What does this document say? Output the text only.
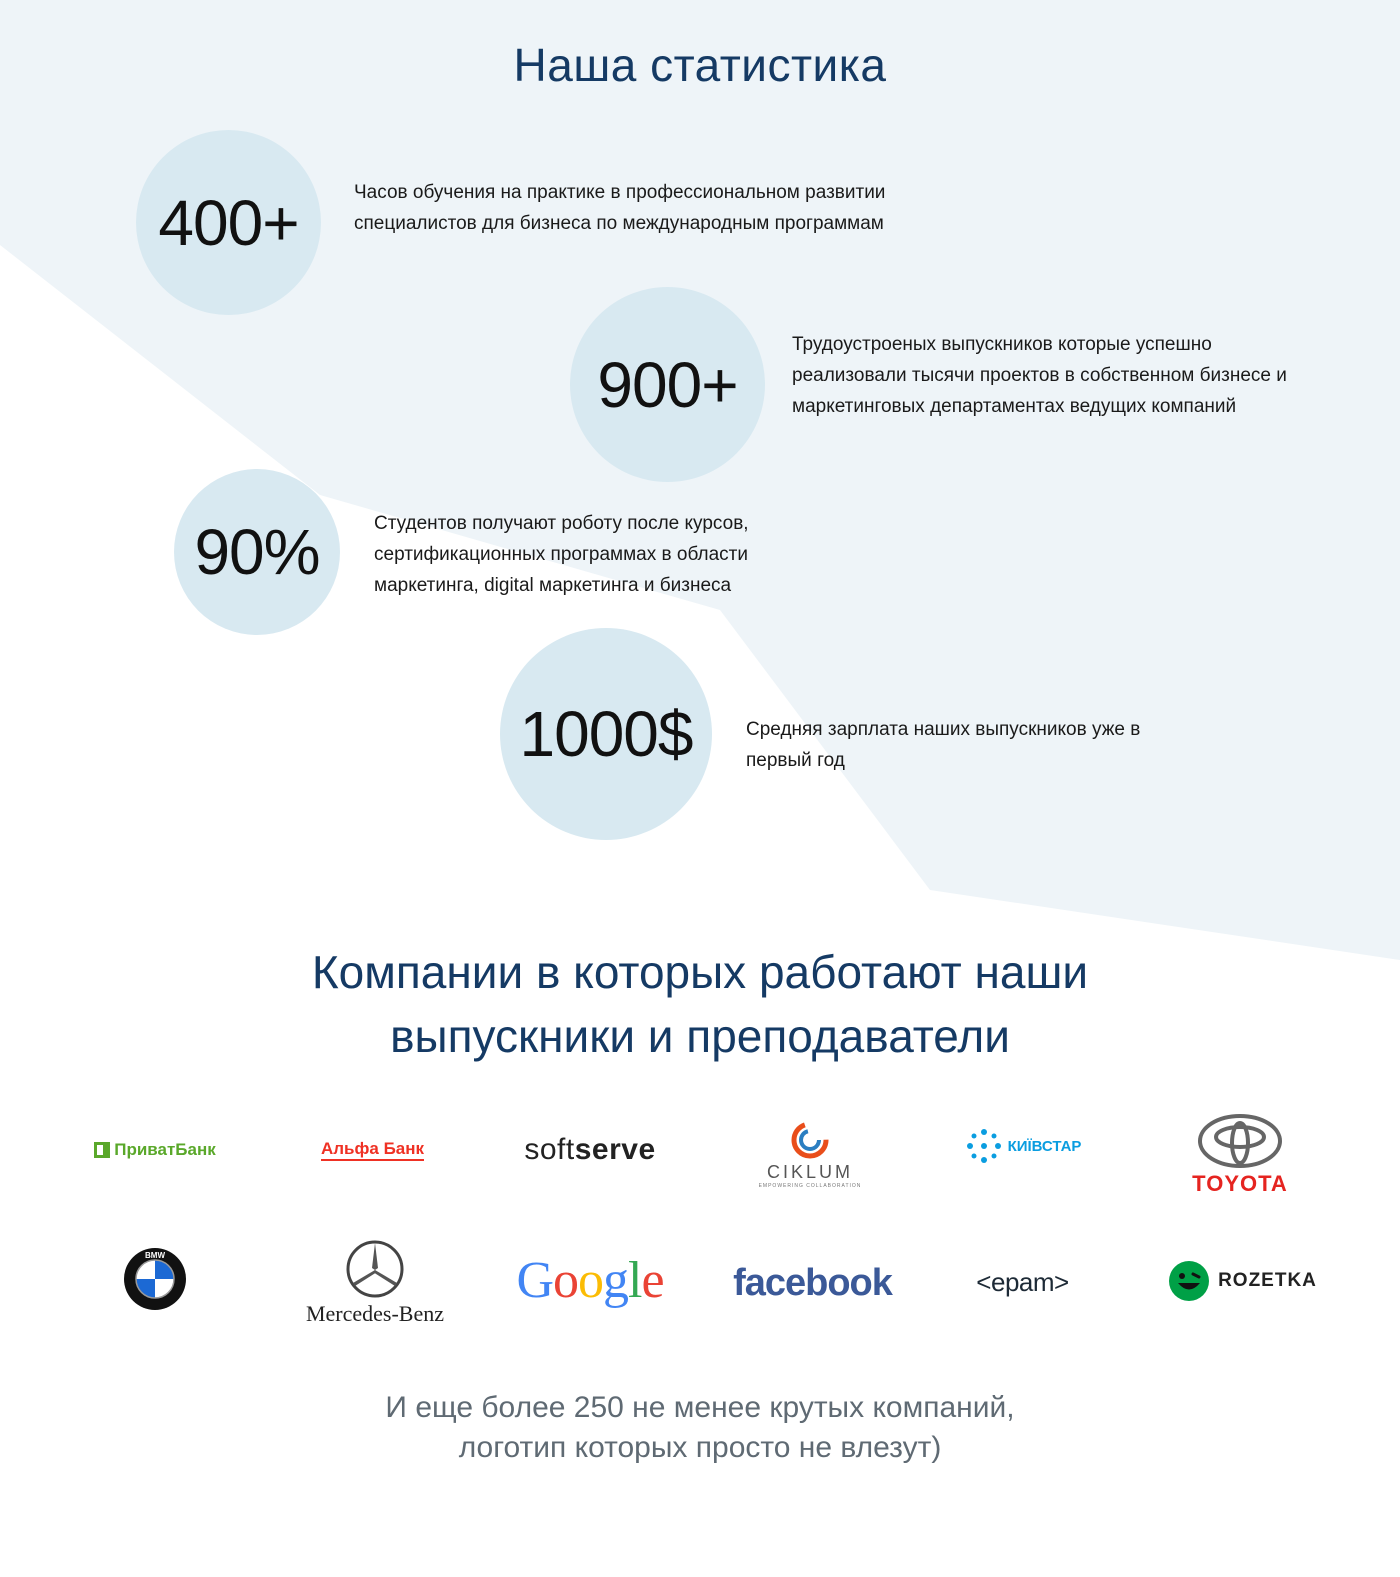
Наша статистика
400+	Часов обучения на практике в профессиональном развитии специалистов для бизнеса по международным программам

900+

Трудоустроеных выпускников которые успешно реализовали тысячи проектов в собственном бизнесе и маркетинговых департаментах ведущих компаний

90%	Студентов получают роботу после курсов, сертификационных программах в области маркетинга, digital маркетинга и бизнеса

1000$	Средняя зарплата наших выпускников уже в первый год

Компании в которых работают наши
выпускники и преподаватели
ПриватБанк	Альфа Банк	soft serve
CIKLUM
EMPOWERING COLLABORATION
КИЇВСТАР
TOYOTA
BMW
Mercedes-Benz
Google facebook	<epam>	ROZETKA

И еще более 250 не менее крутых компаний,
логотип которых просто не влезут)
